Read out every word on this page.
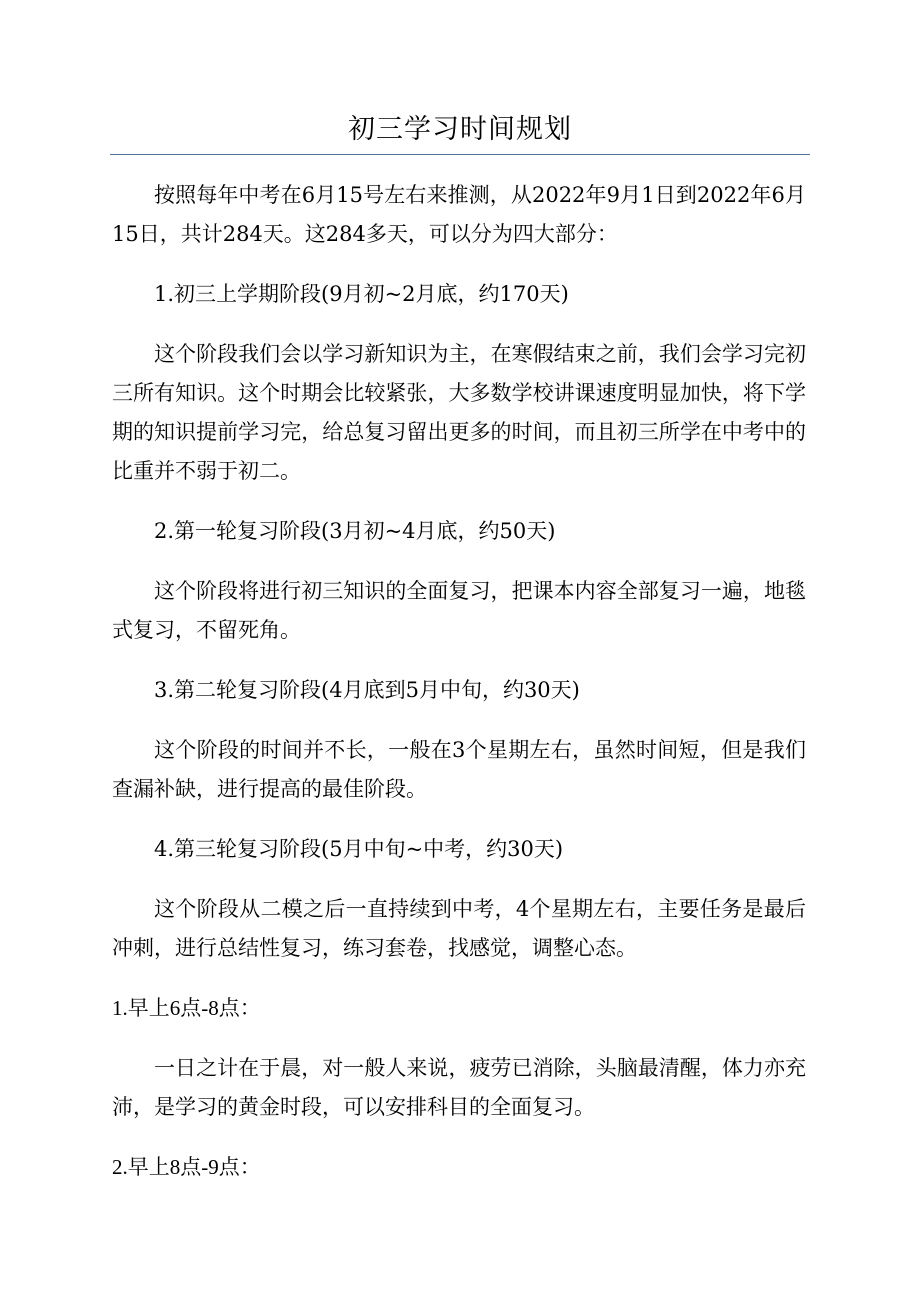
初三学习时间规划

按照每年中考在6月15号左右来推测，从2022年9月1日到2022年6月15日，共计284天。这284多天，可以分为四大部分：

1.初三上学期阶段(9月初~2月底，约170天)

这个阶段我们会以学习新知识为主，在寒假结束之前，我们会学习完初三所有知识。这个时期会比较紧张，大多数学校讲课速度明显加快，将下学期的知识提前学习完，给总复习留出更多的时间，而且初三所学在中考中的比重并不弱于初二。

2.第一轮复习阶段(3月初~4月底，约50天)

这个阶段将进行初三知识的全面复习，把课本内容全部复习一遍，地毯式复习，不留死角。

3.第二轮复习阶段(4月底到5月中旬，约30天)

这个阶段的时间并不长，一般在3个星期左右，虽然时间短，但是我们查漏补缺，进行提高的最佳阶段。

4.第三轮复习阶段(5月中旬~中考，约30天)

这个阶段从二模之后一直持续到中考，4个星期左右，主要任务是最后冲刺，进行总结性复习，练习套卷，找感觉，调整心态。

1.早上6点-8点：

一日之计在于晨，对一般人来说，疲劳已消除，头脑最清醒，体力亦充沛，是学习的黄金时段，可以安排科目的全面复习。

2.早上8点-9点：
